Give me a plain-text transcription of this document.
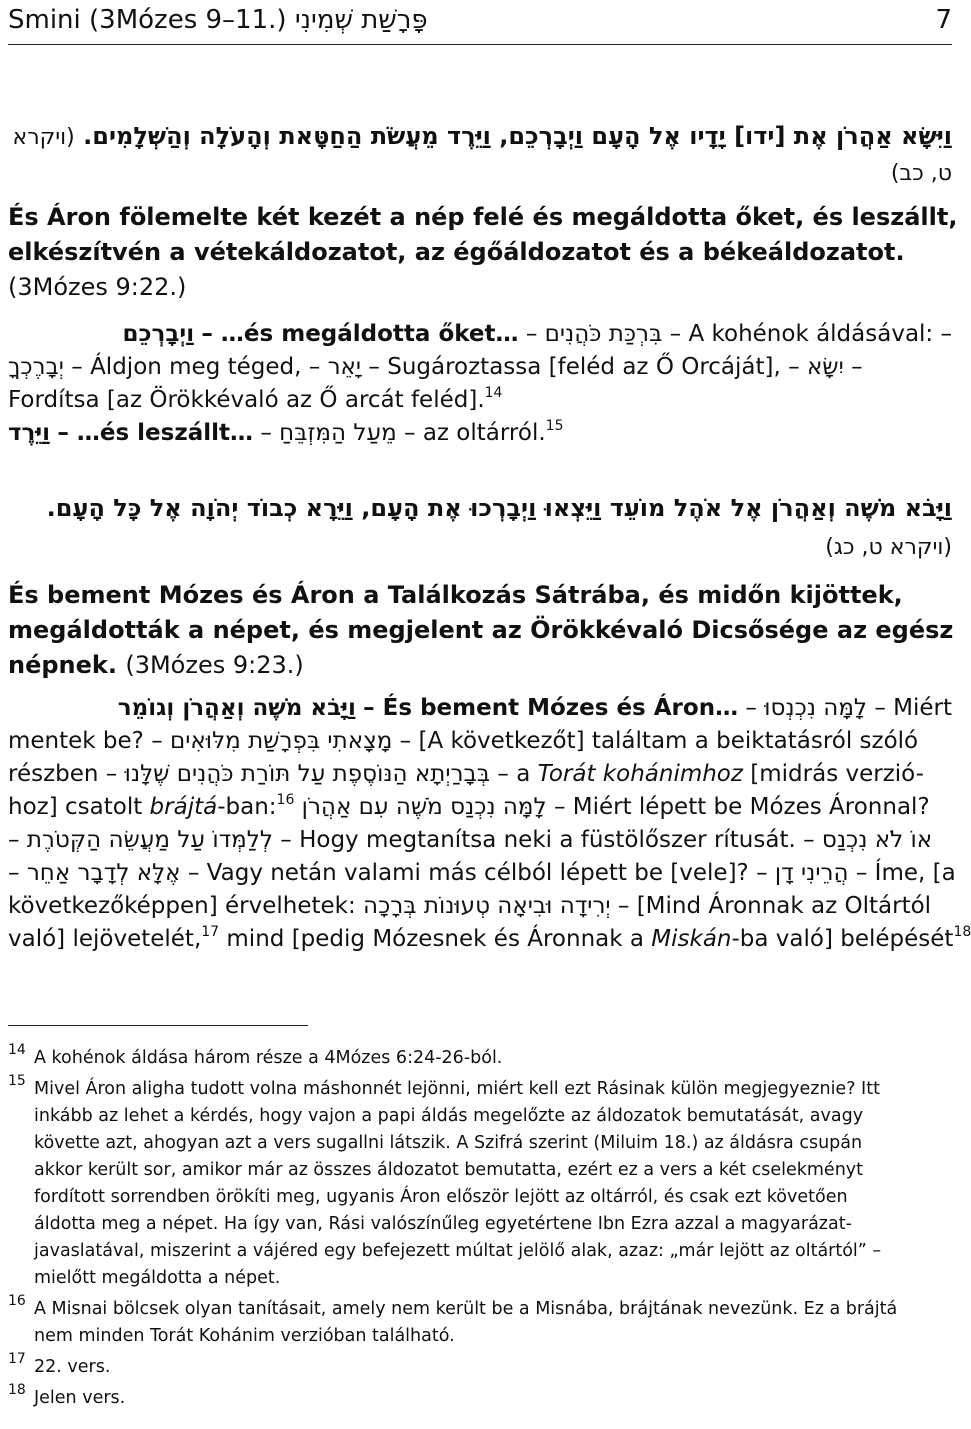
Smini (3Mózes 9–11.) פָּרָשַׁת שְׁמִינִי	7
וַיִּשָּׂא אַהֲרֹן אֶת [ידו] יָדָיו אֶל הָעָם וַיְבָרְכֵם, וַיֵּרֶד מֵעֲשֹׂת הַחַטָּאת וְהָעֹלָה וְהַשְּׁלָמִים. (ויקרא
ט, כב)
És Áron fölemelte két kezét a nép felé és megáldotta őket, és leszállt,
elkészítvén a vétekáldozatot, az égőáldozatot és a békeáldozatot.
(3Mózes 9:22.)
וַיְבָרְכֵם – …és megáldotta őket… – בִּרְכַּת כֹּהֲנִים – A kohénok áldásával: –
יְבָרֶכְךָ – Áldjon meg téged, – יָאֵר – Sugároztassa [feléd az Ő Orcáját], – יִשָּׂא –
Fordítsa [az Örökkévaló az Ő arcát feléd].$^{14}$
וַיֵּרֶד – …és leszállt… – מֵעַל הַמִּזְבֵּחַ – az oltárról.$^{15}$
וַיָּבֹא מֹשֶׁה וְאַהֲרֹן אֶל אֹהֶל מוֹעֵד וַיֵּצְאוּ וַיְבָרְכוּ אֶת הָעָם, וַיֵּרָא כְבוֹד יְהֹוָה אֶל כָּל הָעָם.
(ויקרא ט, כג)
És bement Mózes és Áron a Találkozás Sátrába, és midőn kijöttek,
megáldották a népet, és megjelent az Örökkévaló Dicsősége az egész
népnek. (3Mózes 9:23.)
וַיָּבֹא מֹשֶׁה וְאַהֲרֹן וְגוֹמֵר – És bement Mózes és Áron… – לָמָּה נִכְנְסוּ – Miért
mentek be? – מָצָאתִי בִּפְרָשַׁת מִלּוּאִים – [A következőt] találtam a beiktatásról szóló
részben – בְּבָרַיְתָא הַנּוֹסֶפֶת עַל תּוֹרַת כֹּהֲנִים שֶׁלָּנוּ – a Torát kohánimhoz [midrás verzió-
hoz] csatolt brájtá-ban:$^{16}$ לָמָּה נִכְנַס מֹשֶׁה עִם אַהֲרֹן – Miért lépett be Mózes Áronnal?
– לְלַמְּדוֹ עַל מַעֲשֵׂה הַקְּטֹרֶת – Hogy megtanítsa neki a füstölőszer rítusát. – אוֹ לֹא נִכְנַס
– אֶלָּא לְדָבָר אַחֵר – Vagy netán valami más célból lépett be [vele]? – הֲרֵינִי דָן – Íme, [a
következőképpen] érvelhetek: יְרִידָה וּבִיאָה טְעוּנוֹת בְּרָכָה – [Mind Áronnak az Oltártól
való] lejövetelét,$^{17}$ mind [pedig Mózesnek és Áronnak a Miskán-ba való] belépését$^{18}$
14 A kohénok áldása három része a 4Mózes 6:24-26-ból.
15 Mivel Áron aligha tudott volna máshonnét lejönni, miért kell ezt Rásinak külön megjegyeznie? Itt
inkább az lehet a kérdés, hogy vajon a papi áldás megelőzte az áldozatok bemutatását, avagy
követte azt, ahogyan azt a vers sugallni látszik. A Szifrá szerint (Miluim 18.) az áldásra csupán
akkor került sor, amikor már az összes áldozatot bemutatta, ezért ez a vers a két cselekményt
fordított sorrendben örökíti meg, ugyanis Áron először lejött az oltárról, és csak ezt követően
áldotta meg a népet. Ha így van, Rási valószínűleg egyetértene Ibn Ezra azzal a magyarázat-
javaslatával, miszerint a vájéred egy befejezett múltat jelölő alak, azaz: „már lejött az oltártól” –
mielőtt megáldotta a népet.
16 A Misnai bölcsek olyan tanításait, amely nem került be a Misnába, brájtának nevezünk. Ez a brájtá
nem minden Torát Kohánim verzióban található.
17 22. vers.
18 Jelen vers.
